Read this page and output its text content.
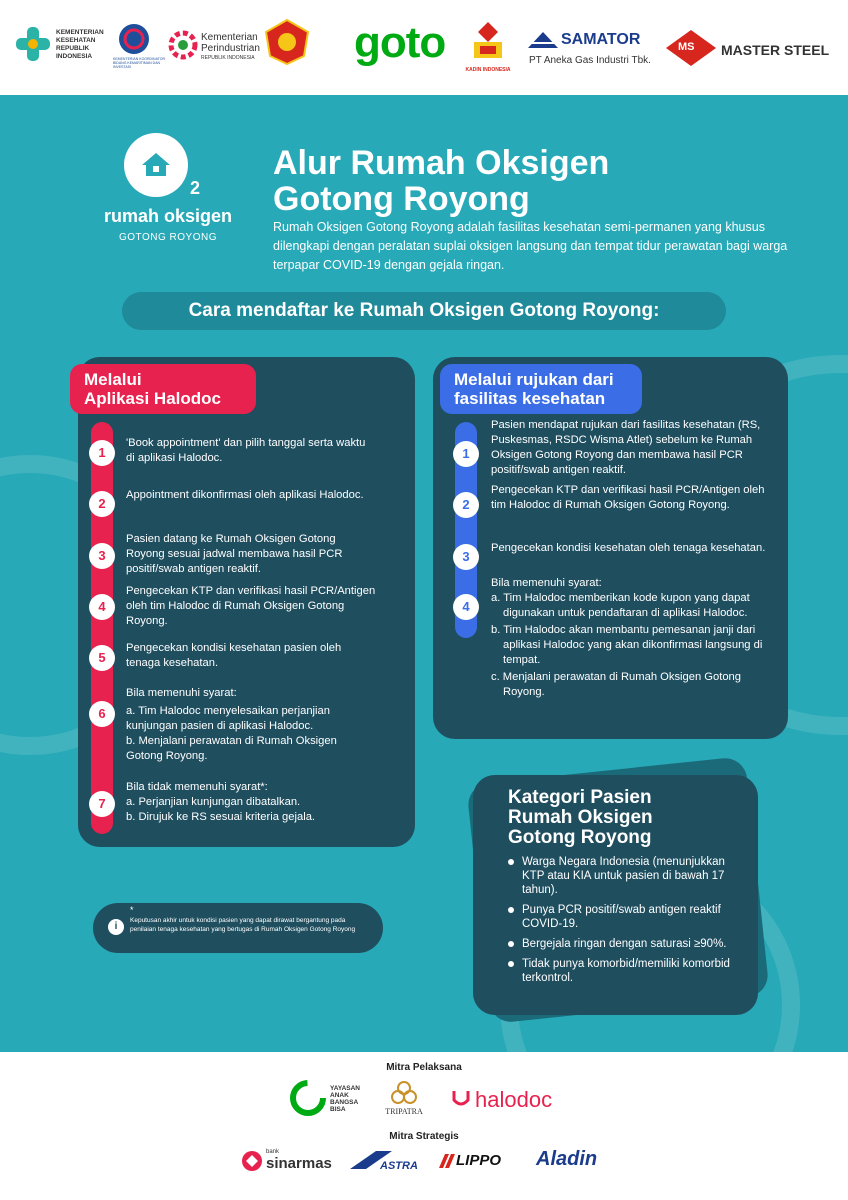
KEMENTERIAN KESEHATAN REPUBLIK INDONESIA	KEMENTERIAN KOORDINATOR BIDANG KEMARITIMAN DAN INVESTASI
Kementerian Perindustrian
REPUBLIK INDONESIA	goto
KADIN INDONESIA
SAMATOR
PT Aneka Gas Industri Tbk.
MS MASTER STEEL
2
rumah oksigen
GOTONG ROYONG
Alur Rumah Oksigen
Gotong Royong
Rumah Oksigen Gotong Royong adalah fasilitas kesehatan semi-permanen yang khusus dilengkapi dengan peralatan suplai oksigen langsung dan tempat tidur perawatan bagi warga terpapar COVID-19 dengan gejala ringan.
Cara mendaftar ke Rumah Oksigen Gotong Royong:
Melalui
Aplikasi Halodoc
1
'Book appointment' dan pilih tanggal serta waktu di aplikasi Halodoc.
2
Appointment dikonfirmasi oleh aplikasi Halodoc.
3
Pasien datang ke Rumah Oksigen Gotong Royong sesuai jadwal membawa hasil PCR positif/swab antigen reaktif.
4
Pengecekan KTP dan verifikasi hasil PCR/Antigen oleh tim Halodoc di Rumah Oksigen Gotong Royong.
5
Pengecekan kondisi kesehatan pasien oleh tenaga kesehatan.
6
Bila memenuhi syarat:
a. Tim Halodoc menyelesaikan perjanjian kunjungan pasien di aplikasi Halodoc.
b. Menjalani perawatan di Rumah Oksigen Gotong Royong.
7
Bila tidak memenuhi syarat*:
a. Perjanjian kunjungan dibatalkan.
b. Dirujuk ke RS sesuai kriteria gejala.
Melalui rujukan dari
fasilitas kesehatan
1
Pasien mendapat rujukan dari fasilitas kesehatan (RS, Puskesmas, RSDC Wisma Atlet) sebelum ke Rumah Oksigen Gotong Royong dan membawa hasil PCR positif/swab antigen reaktif.
2
Pengecekan KTP dan verifikasi hasil PCR/Antigen oleh tim Halodoc di Rumah Oksigen Gotong Royong.
3
Pengecekan kondisi kesehatan oleh tenaga kesehatan.
4
Bila memenuhi syarat:
a. Tim Halodoc memberikan kode kupon yang dapat digunakan untuk pendaftaran di aplikasi Halodoc.
b. Tim Halodoc akan membantu pemesanan janji dari aplikasi Halodoc yang akan dikonfirmasi langsung di tempat.
c. Menjalani perawatan di Rumah Oksigen Gotong Royong.
Kategori Pasien
Rumah Oksigen
Gotong Royong
Warga Negara Indonesia (menunjukkan KTP atau KIA untuk pasien di bawah 17 tahun).
Punya PCR positif/swab antigen reaktif COVID-19.
Bergejala ringan dengan saturasi ≥90%.
Tidak punya komorbid/memiliki komorbid terkontrol.
*
i
Keputusan akhir untuk kondisi pasien yang dapat dirawat bergantung pada penilaian tenaga kesehatan yang bertugas di Rumah Oksigen Gotong Royong
Mitra Pelaksana
YAYASAN ANAK BANGSA BISA	TRIPATRA	halodoc
Mitra Strategis
bank
sinarmas	ASTRA	LIPPO Aladin
